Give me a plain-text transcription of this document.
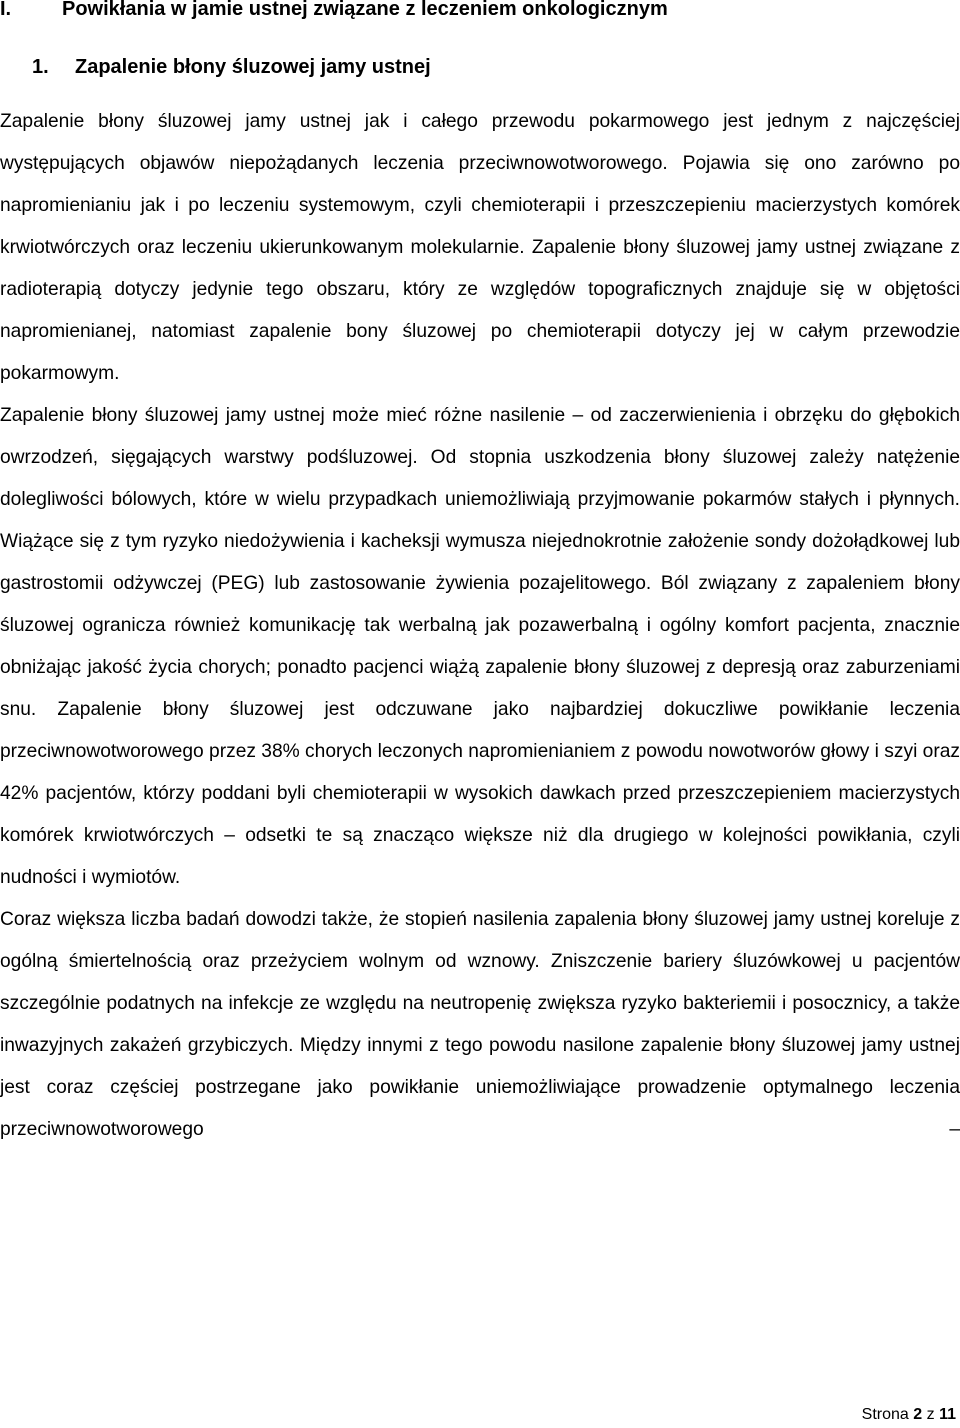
I.	Powikłania w jamie ustnej związane z leczeniem onkologicznym
1. Zapalenie błony śluzowej jamy ustnej

Zapalenie błony śluzowej jamy ustnej jak i całego przewodu pokarmowego jest jednym z najczęściej występujących objawów niepożądanych leczenia przeciwnowotworowego. Pojawia się ono zarówno po napromienianiu jak i po leczeniu systemowym, czyli chemioterapii i przeszczepieniu macierzystych komórek krwiotwórczych oraz leczeniu ukierunkowanym molekularnie. Zapalenie błony śluzowej jamy ustnej związane z radioterapią dotyczy jedynie tego obszaru, który ze względów topograficznych znajduje się w objętości napromienianej, natomiast zapalenie bony śluzowej po chemioterapii dotyczy jej w całym przewodzie pokarmowym.

Zapalenie błony śluzowej jamy ustnej może mieć różne nasilenie – od zaczerwienienia i obrzęku do głębokich owrzodzeń, sięgających warstwy podśluzowej. Od stopnia uszkodzenia błony śluzowej zależy natężenie dolegliwości bólowych, które w wielu przypadkach uniemożliwiają przyjmowanie pokarmów stałych i płynnych. Wiążące się z tym ryzyko niedożywienia i kacheksji wymusza niejednokrotnie założenie sondy dożołądkowej lub gastrostomii odżywczej (PEG) lub zastosowanie żywienia pozajelitowego. Ból związany z zapaleniem błony śluzowej ogranicza również komunikację tak werbalną jak pozawerbalną i ogólny komfort pacjenta, znacznie obniżając jakość życia chorych; ponadto pacjenci wiążą zapalenie błony śluzowej z depresją oraz zaburzeniami snu. Zapalenie błony śluzowej jest odczuwane jako najbardziej dokuczliwe powikłanie leczenia przeciwnowotworowego przez 38% chorych leczonych napromienianiem z powodu nowotworów głowy i szyi oraz 42% pacjentów, którzy poddani byli chemioterapii w wysokich dawkach przed przeszczepieniem macierzystych komórek krwiotwórczych – odsetki te są znacząco większe niż dla drugiego w kolejności powikłania, czyli nudności i wymiotów.

Coraz większa liczba badań dowodzi także, że stopień nasilenia zapalenia błony śluzowej jamy ustnej koreluje z ogólną śmiertelnością oraz przeżyciem wolnym od wznowy. Zniszczenie bariery śluzówkowej u pacjentów szczególnie podatnych na infekcje ze względu na neutropenię zwiększa ryzyko bakteriemii i posocznicy, a także inwazyjnych zakażeń grzybiczych. Między innymi z tego powodu nasilone zapalenie błony śluzowej jamy ustnej jest coraz częściej postrzegane jako powikłanie uniemożliwiające prowadzenie optymalnego leczenia przeciwnowotworowego –

Strona 2 z 11
